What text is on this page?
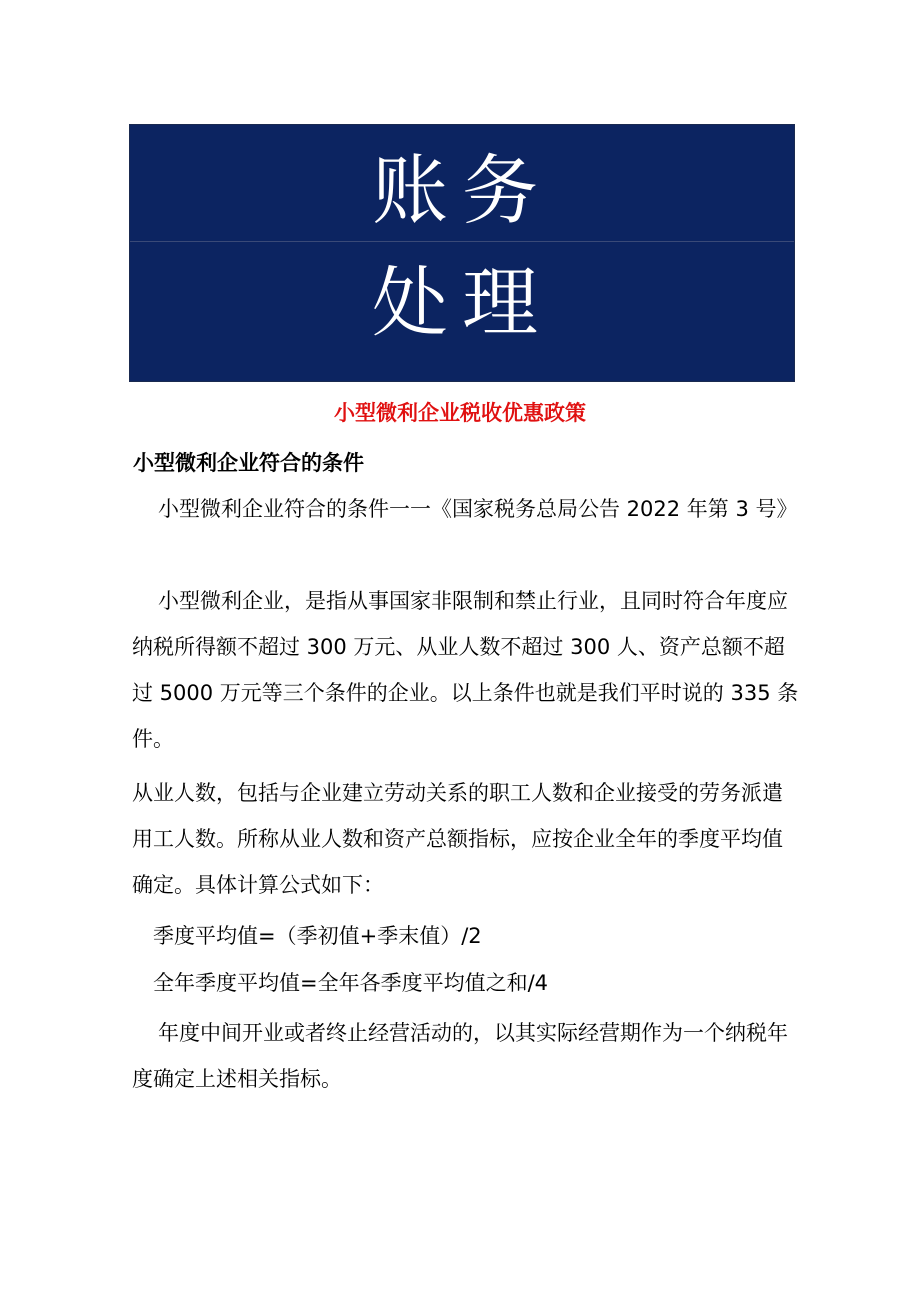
账务
处理
小型微利企业税收优惠政策
小型微利企业符合的条件

小型微利企业符合的条件一一《国家税务总局公告 2022 年第 3 号》

小型微利企业，是指从事国家非限制和禁止行业，且同时符合年度应纳税所得额不超过 300 万元、从业人数不超过 300 人、资产总额不超过 5000 万元等三个条件的企业。以上条件也就是我们平时说的 335 条件。

从业人数，包括与企业建立劳动关系的职工人数和企业接受的劳务派遣用工人数。所称从业人数和资产总额指标，应按企业全年的季度平均值确定。具体计算公式如下：

季度平均值=（季初值+季末值）/2
全年季度平均值=全年各季度平均值之和/4

年度中间开业或者终止经营活动的，以其实际经营期作为一个纳税年度确定上述相关指标。
